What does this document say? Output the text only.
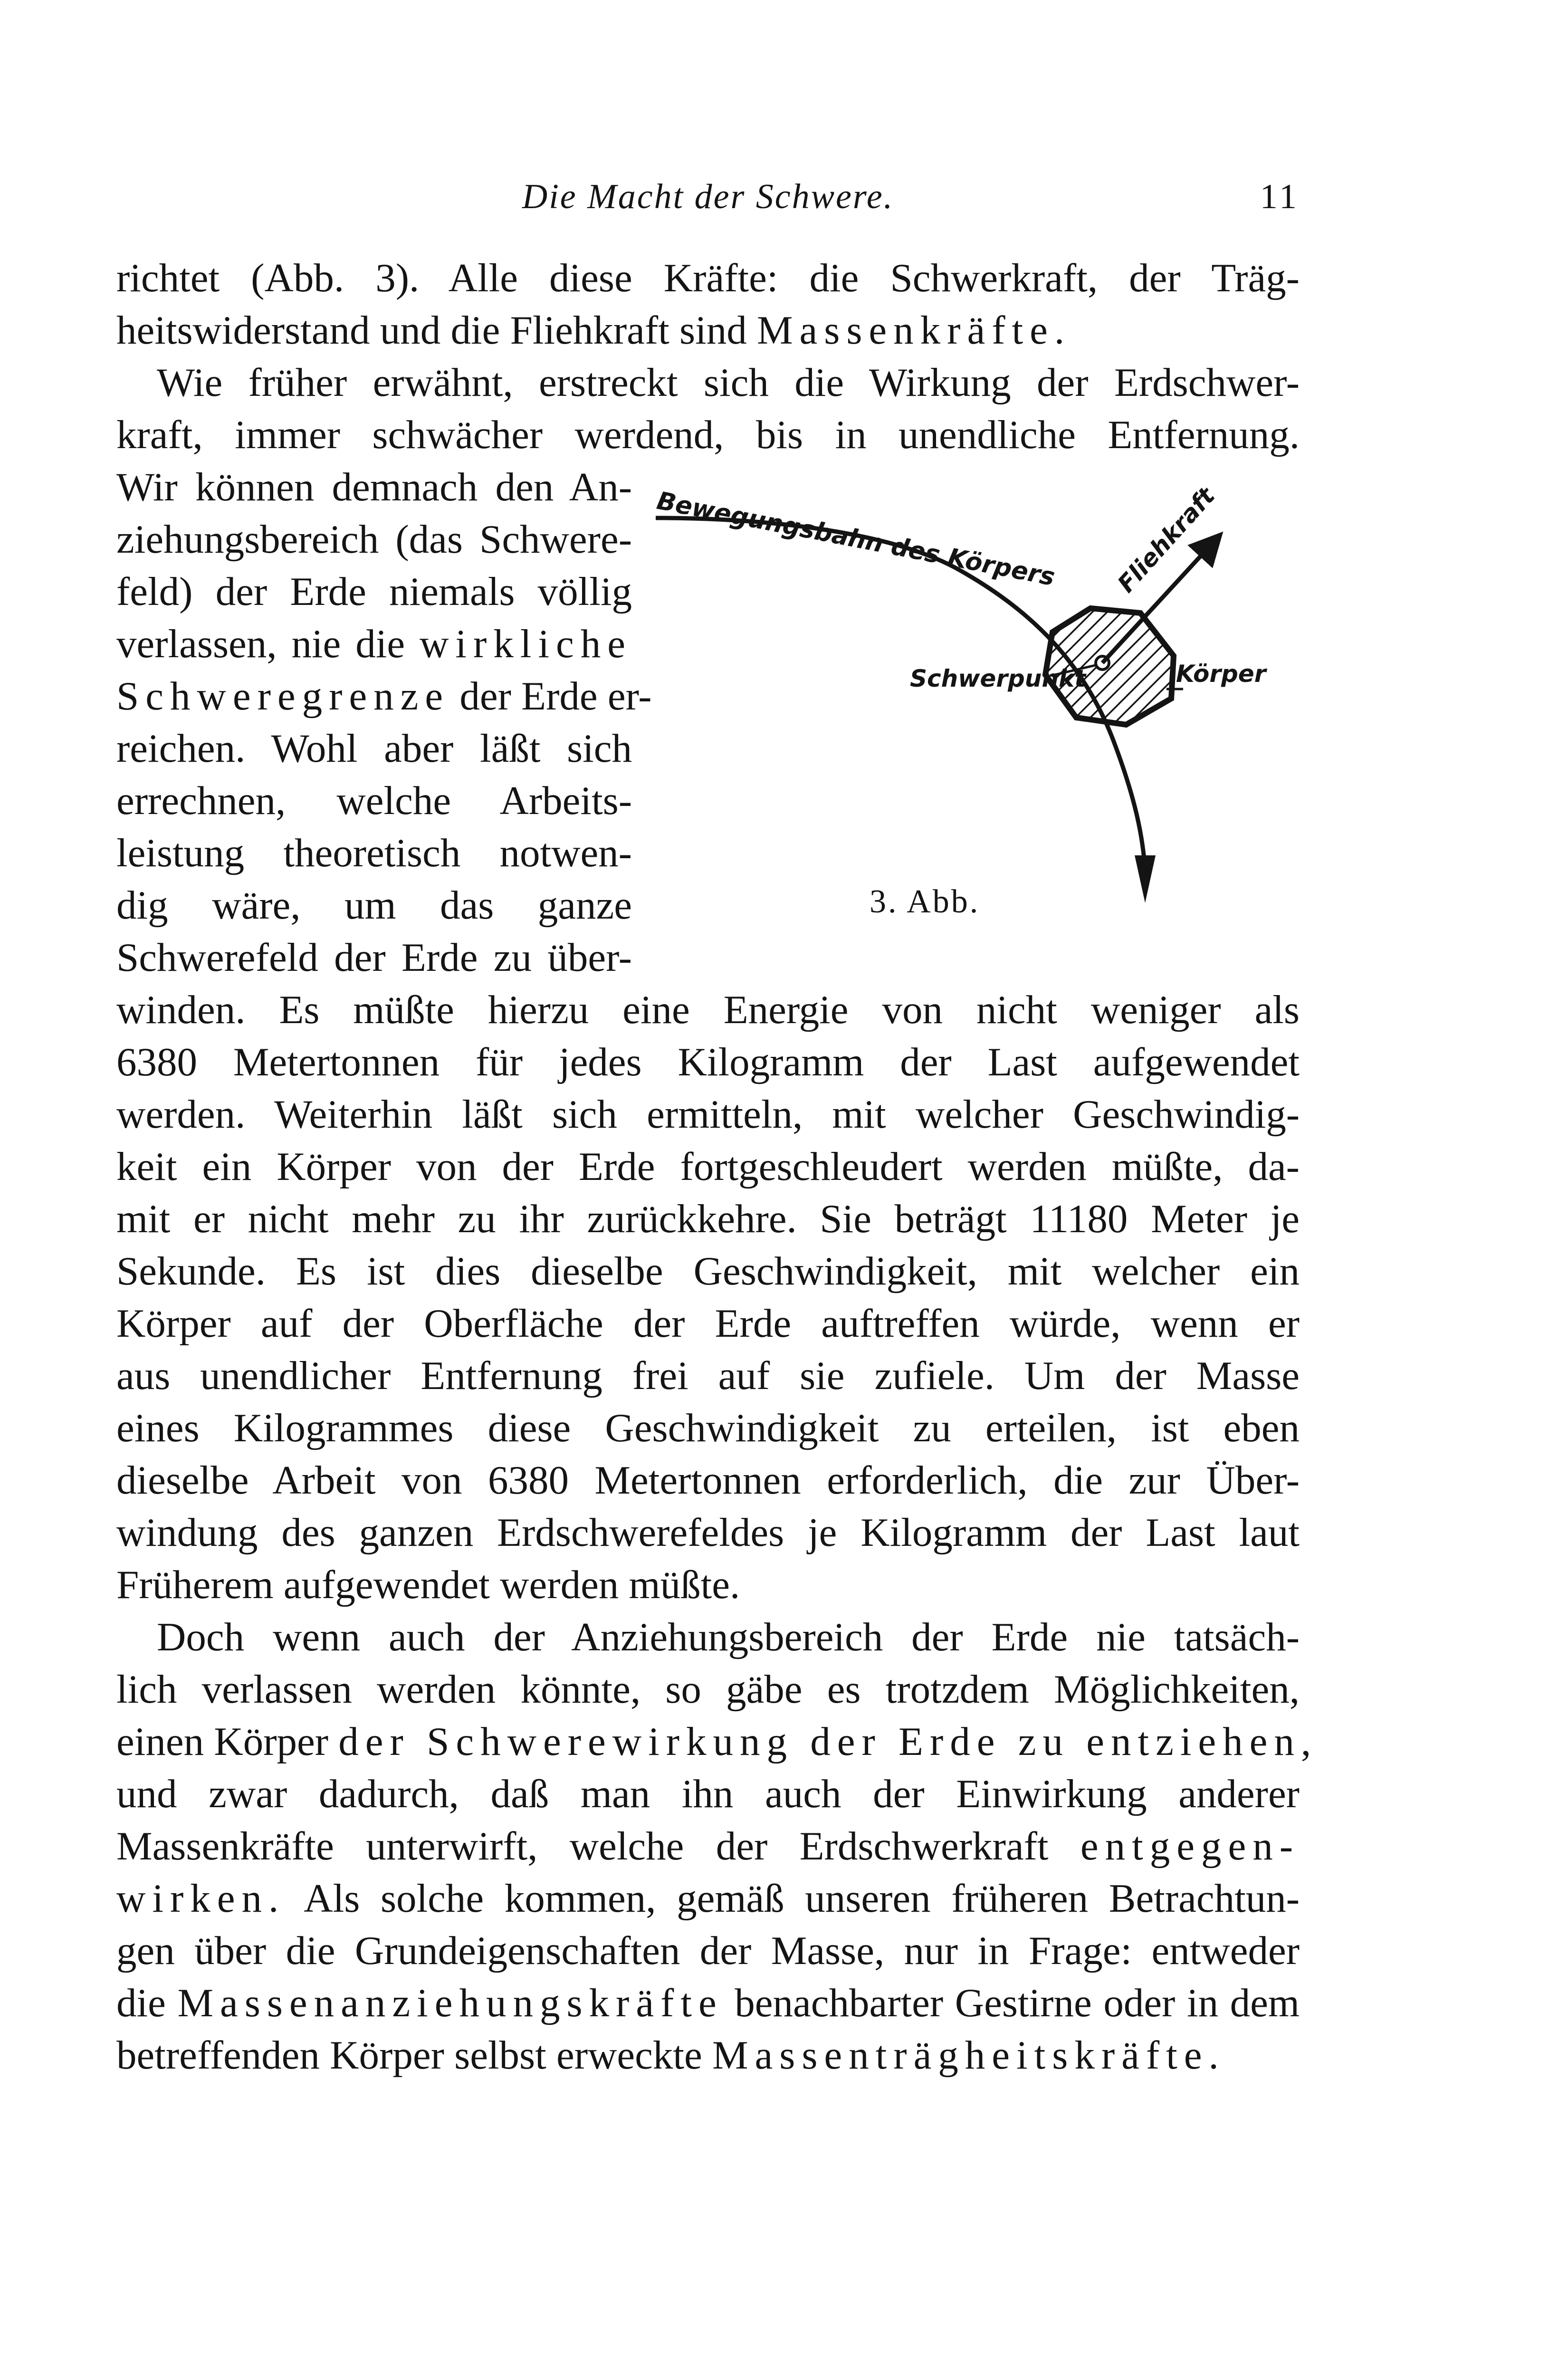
Die Macht der Schwere.	11
richtet (Abb. 3). Alle diese Kräfte: die Schwerkraft, der Träg-
heitswiderstand und die Fliehkraft sind Massenkräfte.
Wie früher erwähnt, erstreckt sich die Wirkung der Erdschwer-
kraft, immer schwächer werdend, bis in unendliche Entfernung.
Wir können demnach den An-
ziehungsbereich (das Schwere-
feld) der Erde niemals völlig
verlassen, nie die wirkliche
Schweregrenze der Erde er-
reichen. Wohl aber läßt sich
errechnen, welche Arbeits-
leistung theoretisch notwen-
dig wäre, um das ganze
Schwerefeld der Erde zu über-
winden. Es müßte hierzu eine Energie von nicht weniger als
6380 Metertonnen für jedes Kilogramm der Last aufgewendet
werden. Weiterhin läßt sich ermitteln, mit welcher Geschwindig-
keit ein Körper von der Erde fortgeschleudert werden müßte, da-
mit er nicht mehr zu ihr zurückkehre. Sie beträgt 11180 Meter je
Sekunde. Es ist dies dieselbe Geschwindigkeit, mit welcher ein
Körper auf der Oberfläche der Erde auftreffen würde, wenn er
aus unendlicher Entfernung frei auf sie zufiele. Um der Masse
eines Kilogrammes diese Geschwindigkeit zu erteilen, ist eben
dieselbe Arbeit von 6380 Metertonnen erforderlich, die zur Über-
windung des ganzen Erdschwerefeldes je Kilogramm der Last laut
Früherem aufgewendet werden müßte.
Doch wenn auch der Anziehungsbereich der Erde nie tatsäch-
lich verlassen werden könnte, so gäbe es trotzdem Möglichkeiten,
einen Körper der Schwerewirkung der Erde zu entziehen,
und zwar dadurch, daß man ihn auch der Einwirkung anderer
Massenkräfte unterwirft, welche der Erdschwerkraft entgegen-
wirken. Als solche kommen, gemäß unseren früheren Betrachtun-
gen über die Grundeigenschaften der Masse, nur in Frage: entweder
die Massenanziehungskräfte benachbarter Gestirne oder in dem
betreffenden Körper selbst erweckte Massenträgheitskräfte.
Bewegungsbahn des Körpers Fliehkraft
Schwerpunkt	Körper
3. Abb.
